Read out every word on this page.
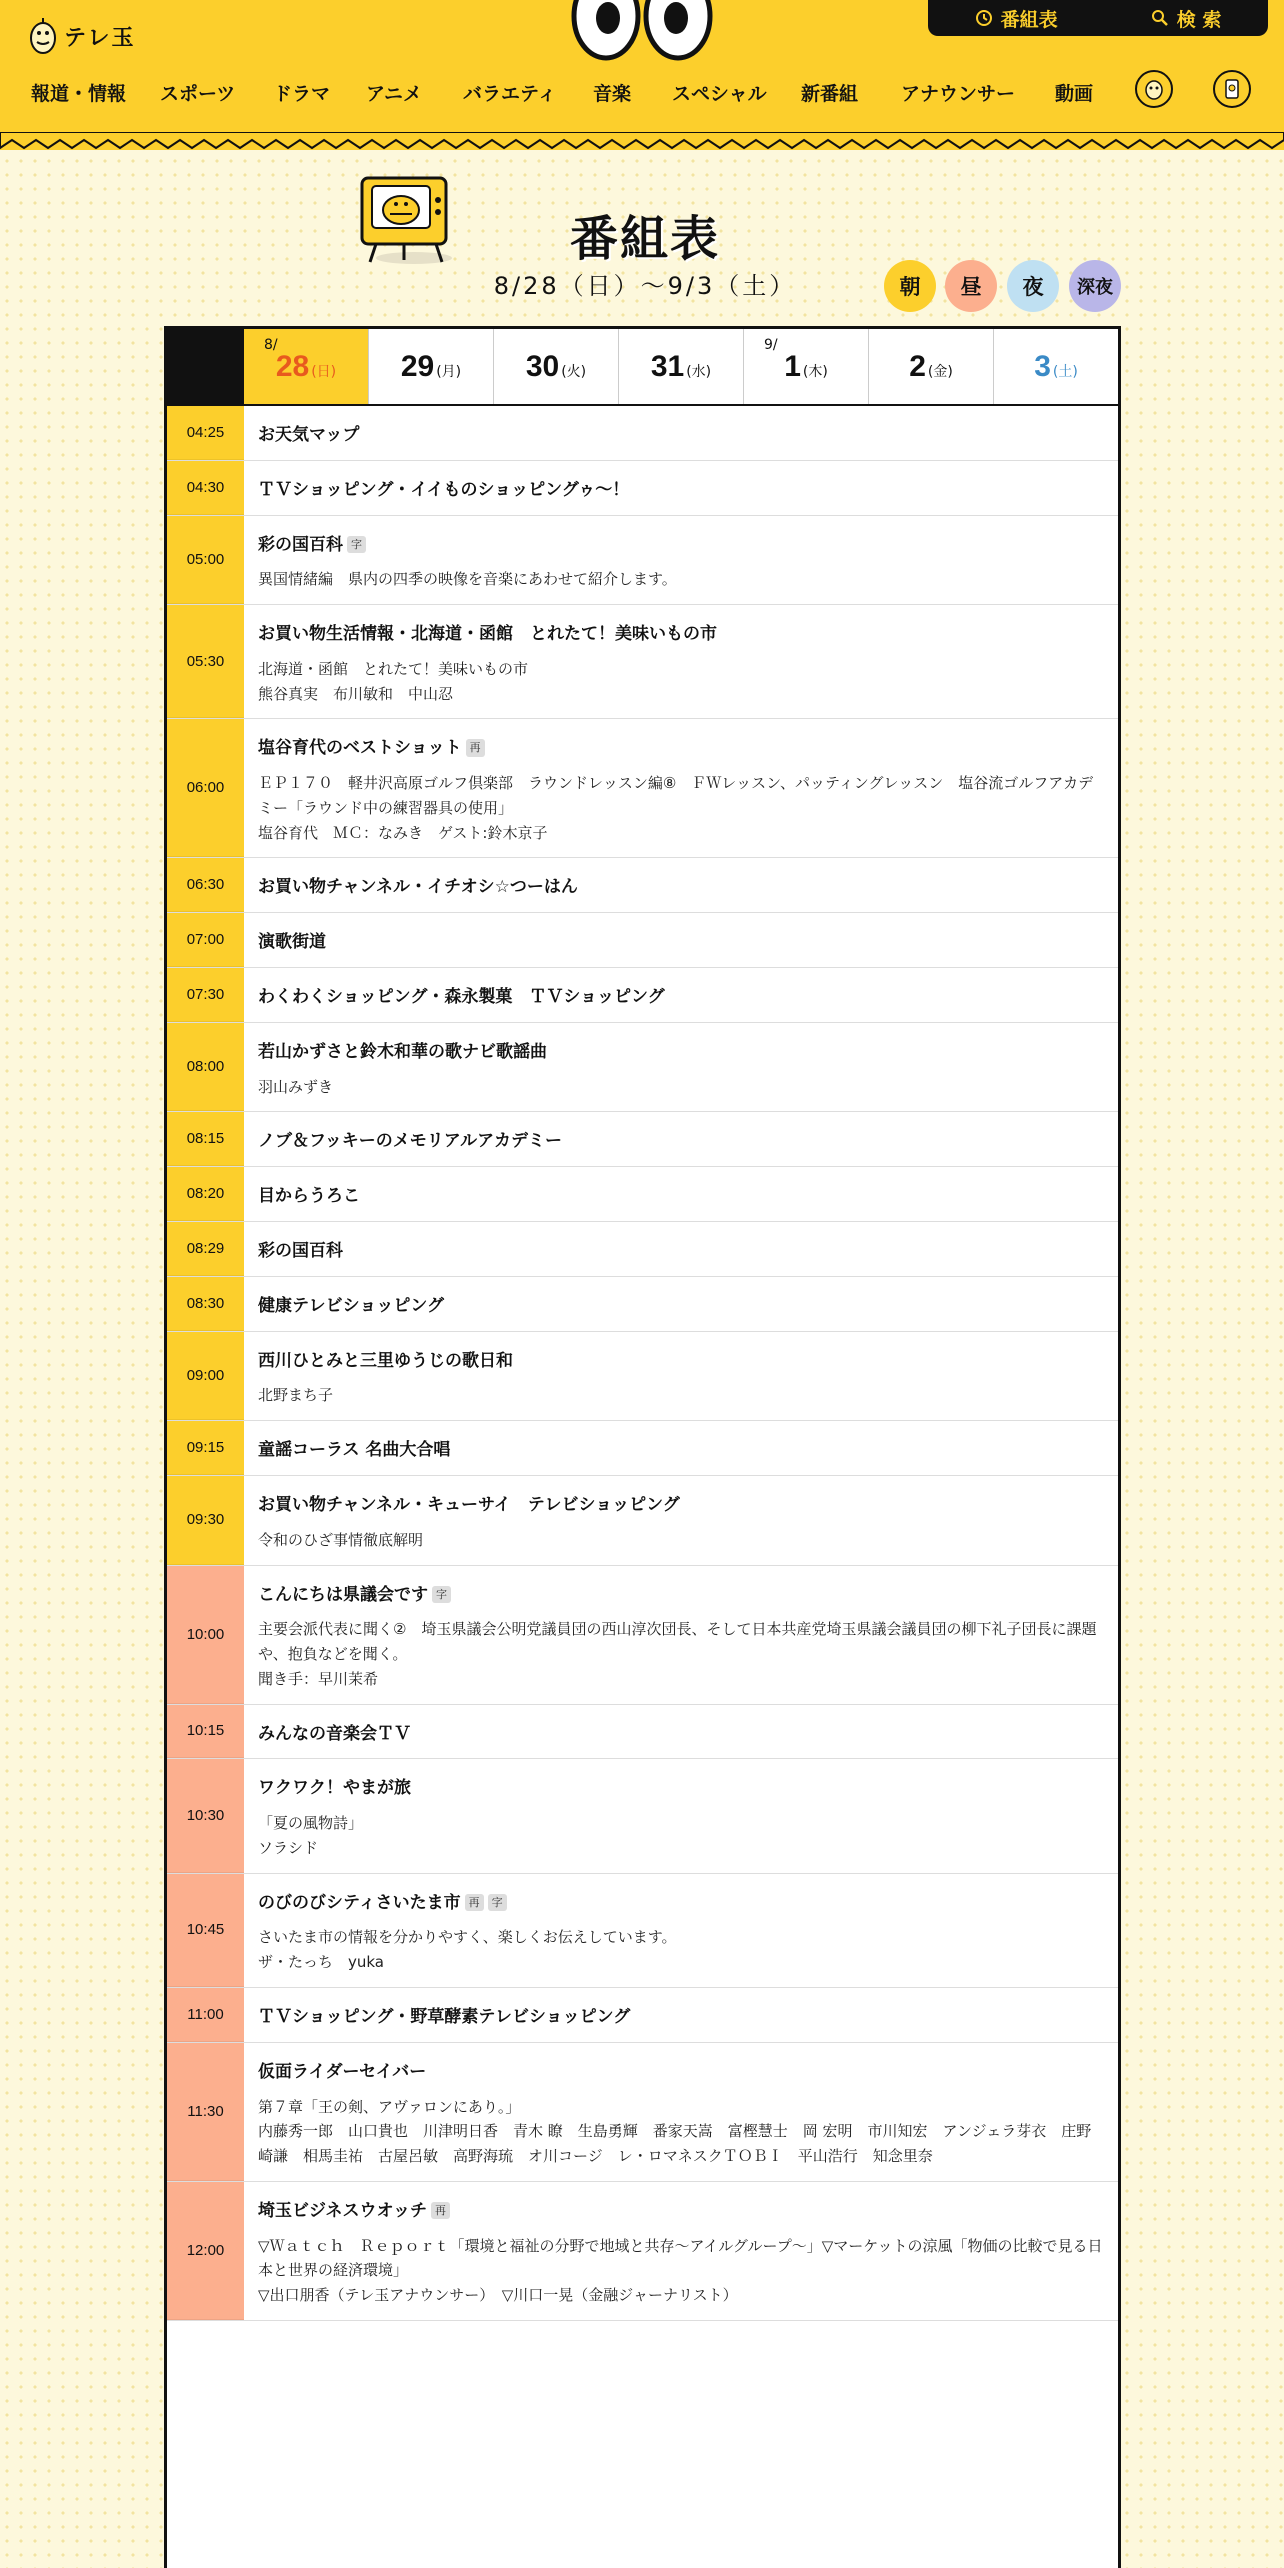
テレ玉
番組表	検 索
報道・情報 スポーツ ドラマ アニメ バラエティ 音楽 スペシャル 新番組 アナウンサー 動画
番組表
8/28（日）〜9/3（土）	朝	昼	夜	深夜
8/
28 (日) 29 (月) 30 (火) 31 (水)
9/
1 (木)	2 (金)	3 (土)
04:25	お天気マップ
04:30	ＴＶショッピング・イイものショッピングゥ～！
05:00
彩の国百科 字
異国情緒編　県内の四季の映像を音楽にあわせて紹介します。
05:30
お買い物生活情報・北海道・函館　とれたて！美味いもの市
北海道・函館　とれたて！美味いもの市
熊谷真実　布川敏和　中山忍
06:00
塩谷育代のベストショット 再
ＥＰ１７０　軽井沢高原ゴルフ倶楽部　ラウンドレッスン編⑧　ＦＷレッスン、パッティングレッスン　塩谷流ゴルフアカデミー「ラウンド中の練習器具の使用」
塩谷育代　ＭＣ：なみき　ゲスト:鈴木京子
06:30	お買い物チャンネル・イチオシ☆つーはん
07:00	演歌街道
07:30	わくわくショッピング・森永製菓　ＴＶショッピング
08:00
若山かずさと鈴木和華の歌ナビ歌謡曲
羽山みずき
08:15	ノブ＆フッキーのメモリアルアカデミー
08:20	目からうろこ
08:29	彩の国百科
08:30	健康テレビショッピング
09:00
西川ひとみと三里ゆうじの歌日和
北野まち子
09:15	童謡コーラス 名曲大合唱
09:30
お買い物チャンネル・キューサイ　テレビショッピング
令和のひざ事情徹底解明
10:00
こんにちは県議会です 字
主要会派代表に聞く②　埼玉県議会公明党議員団の西山淳次団長、そして日本共産党埼玉県議会議員団の柳下礼子団長に課題や、抱負などを聞く。
聞き手：早川茉希
10:15	みんなの音楽会ＴＶ
10:30
ワクワク！やまが旅
「夏の風物詩」
ソラシド
10:45
のびのびシティさいたま市 再 字
さいたま市の情報を分かりやすく、楽しくお伝えしています。
ザ・たっち　yuka
11:00	ＴＶショッピング・野草酵素テレビショッピング
11:30
仮面ライダーセイバー
第７章「王の剣、アヴァロンにあり。」
内藤秀一郎　山口貴也　川津明日香　青木 瞭　生島勇輝　番家天嵩　富樫慧士　岡 宏明　市川知宏　アンジェラ芽衣　庄野崎謙　相馬圭祐　古屋呂敏　高野海琉　オ川コージ　レ・ロマネスクＴＯＢＩ　平山浩行　知念里奈
12:00
埼玉ビジネスウオッチ 再
▽Ｗａｔｃｈ　Ｒｅｐｏｒｔ「環境と福祉の分野で地域と共存～アイルグループ～」▽マーケットの涼風「物価の比較で見る日本と世界の経済環境」
▽出口朋香（テレ玉アナウンサー）　▽川口一晃（金融ジャーナリスト）
